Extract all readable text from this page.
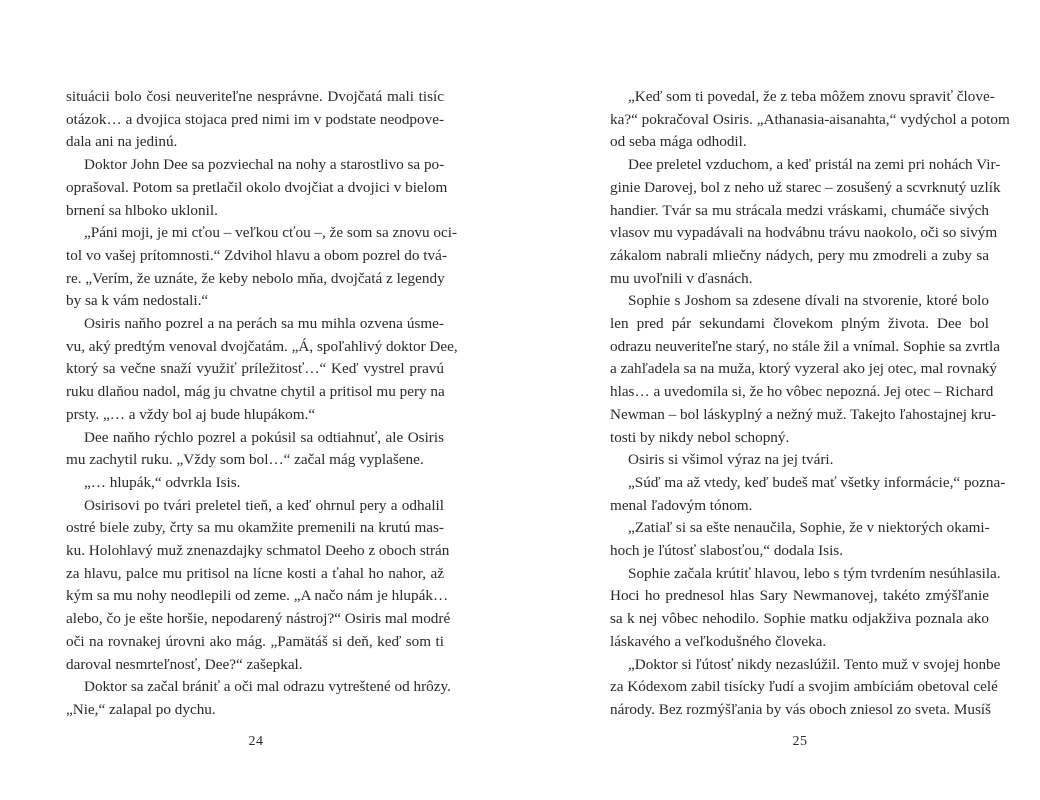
situácii bolo čosi neuveriteľne nesprávne. Dvojčatá mali tisíc
otázok… a dvojica stojaca pred nimi im v podstate neodpove-
dala ani na jedinú.
Doktor John Dee sa pozviechal na nohy a starostlivo sa po-
oprašoval. Potom sa pretlačil okolo dvojčiat a dvojici v bielom
brnení sa hlboko uklonil.
„Páni moji, je mi cťou – veľkou cťou –, že som sa znovu oci-
tol vo vašej prítomnosti.“ Zdvihol hlavu a obom pozrel do tvá-
re. „Verím, že uznáte, že keby nebolo mňa, dvojčatá z legendy
by sa k vám nedostali.“
Osiris naňho pozrel a na perách sa mu mihla ozvena úsme-
vu, aký predtým venoval dvojčatám. „Á, spoľahlivý doktor Dee,
ktorý sa večne snaží využiť príležitosť…“ Keď vystrel pravú
ruku dlaňou nadol, mág ju chvatne chytil a pritisol mu pery na
prsty. „… a vždy bol aj bude hlupákom.“
Dee naňho rýchlo pozrel a pokúsil sa odtiahnuť, ale Osiris
mu zachytil ruku. „Vždy som bol…“ začal mág vyplašene.
„… hlupák,“ odvrkla Isis.
Osirisovi po tvári preletel tieň, a keď ohrnul pery a odhalil
ostré biele zuby, črty sa mu okamžite premenili na krutú mas-
ku. Holohlavý muž znenazdajky schmatol Deeho z oboch strán
za hlavu, palce mu pritisol na lícne kosti a ťahal ho nahor, až
kým sa mu nohy neodlepili od zeme. „A načo nám je hlupák…
alebo, čo je ešte horšie, nepodarený nástroj?“ Osiris mal modré
oči na rovnakej úrovni ako mág. „Pamätáš si deň, keď som ti
daroval nesmrteľnosť, Dee?“ zašepkal.
Doktor sa začal brániť a oči mal odrazu vytreštené od hrôzy.
„Nie,“ zalapal po dychu.
24
„Keď som ti povedal, že z teba môžem znovu spraviť člove-
ka?“ pokračoval Osiris. „Athanasia-aisanahta,“ vydýchol a potom
od seba mága odhodil.
Dee preletel vzduchom, a keď pristál na zemi pri nohách Vir-
ginie Darovej, bol z neho už starec – zosušený a scvrknutý uzlík
handier. Tvár sa mu strácala medzi vráskami, chumáče sivých
vlasov mu vypadávali na hodvábnu trávu naokolo, oči so sivým
zákalom nabrali mliečny nádych, pery mu zmodreli a zuby sa
mu uvoľnili v ďasnách.
Sophie s Joshom sa zdesene dívali na stvorenie, ktoré bolo
len pred pár sekundami človekom plným života. Dee bol
odrazu neuveriteľne starý, no stále žil a vnímal. Sophie sa zvrtla
a zahľadela sa na muža, ktorý vyzeral ako jej otec, mal rovnaký
hlas… a uvedomila si, že ho vôbec nepozná. Jej otec – Richard
Newman – bol láskyplný a nežný muž. Takejto ľahostajnej kru-
tosti by nikdy nebol schopný.
Osiris si všimol výraz na jej tvári.
„Súď ma až vtedy, keď budeš mať všetky informácie,“ pozna-
menal ľadovým tónom.
„Zatiaľ si sa ešte nenaučila, Sophie, že v niektorých okami-
hoch je ľútosť slabosťou,“ dodala Isis.
Sophie začala krútiť hlavou, lebo s tým tvrdením nesúhlasila.
Hoci ho prednesol hlas Sary Newmanovej, takéto zmýšľanie
sa k nej vôbec nehodilo. Sophie matku odjakživa poznala ako
láskavého a veľkodušného človeka.
„Doktor si ľútosť nikdy nezaslúžil. Tento muž v svojej honbe
za Kódexom zabil tisícky ľudí a svojim ambíciám obetoval celé
národy. Bez rozmýšľania by vás oboch zniesol zo sveta. Musíš
25
